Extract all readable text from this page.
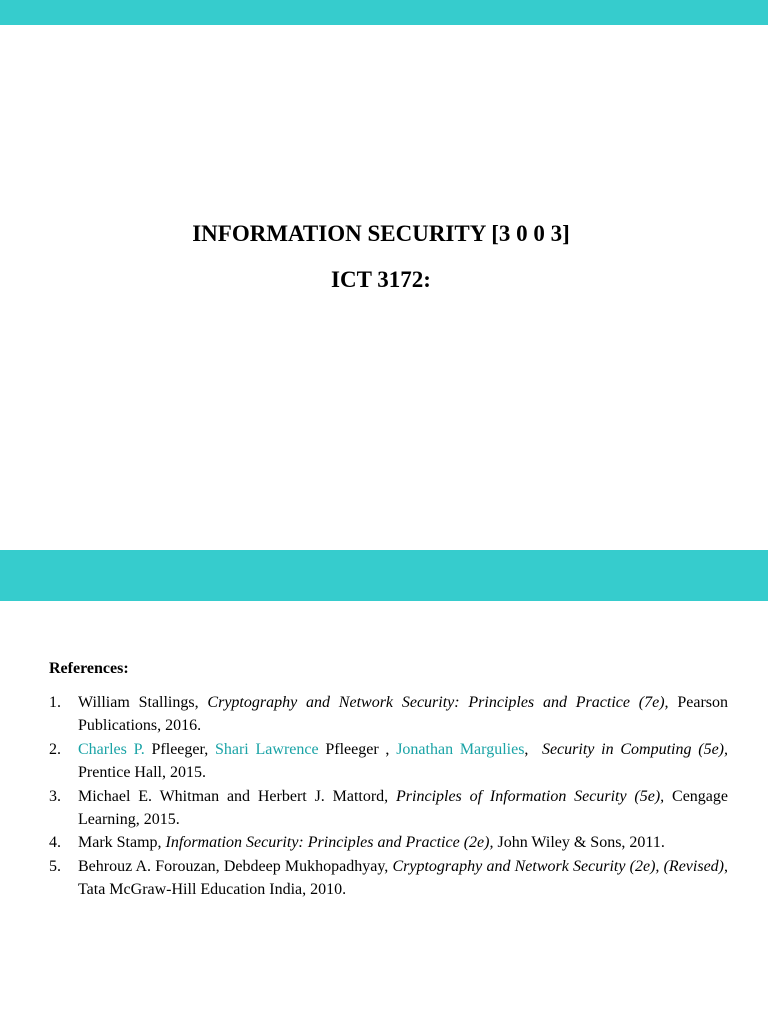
INFORMATION SECURITY [3 0 0 3]
ICT 3172:
References:
1. William Stallings, Cryptography and Network Security: Principles and Practice (7e), Pearson Publications, 2016.
2. Charles P. Pfleeger, Shari Lawrence Pfleeger , Jonathan Margulies,  Security in Computing (5e), Prentice Hall, 2015.
3. Michael E. Whitman and Herbert J. Mattord, Principles of Information Security (5e), Cengage Learning, 2015.
4. Mark Stamp, Information Security: Principles and Practice (2e), John Wiley & Sons, 2011.
5. Behrouz A. Forouzan, Debdeep Mukhopadhyay, Cryptography and Network Security (2e), (Revised), Tata McGraw-Hill Education India, 2010.
